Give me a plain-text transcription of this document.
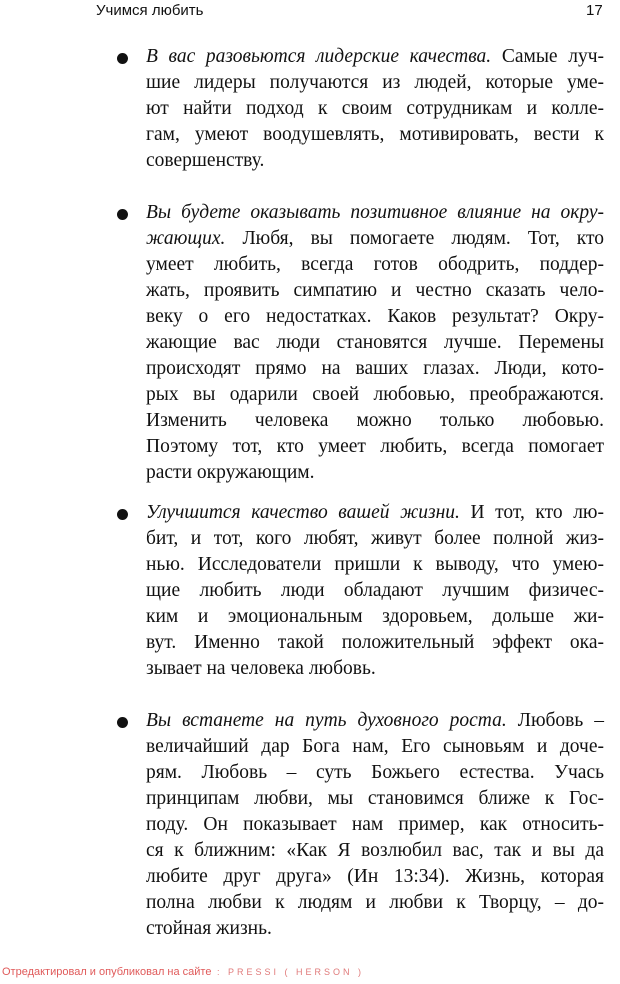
Учимся любить	17
В вас разовьются лидерские качества. Самые луч-
шие лидеры получаются из людей, которые уме-
ют найти подход к своим сотрудникам и колле-
гам, умеют воодушевлять, мотивировать, вести к
совершенству.
Вы будете оказывать позитивное влияние на окру-
жающих. Любя, вы помогаете людям. Тот, кто
умеет любить, всегда готов ободрить, поддер-
жать, проявить симпатию и честно сказать чело-
веку о его недостатках. Каков результат? Окру-
жающие вас люди становятся лучше. Перемены
происходят прямо на ваших глазах. Люди, кото-
рых вы одарили своей любовью, преображаются.
Изменить человека можно только любовью.
Поэтому тот, кто умеет любить, всегда помогает
расти окружающим.
Улучшится качество вашей жизни. И тот, кто лю-
бит, и тот, кого любят, живут более полной жиз-
нью. Исследователи пришли к выводу, что умею-
щие любить люди обладают лучшим физичес-
ким и эмоциональным здоровьем, дольше жи-
вут. Именно такой положительный эффект ока-
зывает на человека любовь.
Вы встанете на путь духовного роста. Любовь –
величайший дар Бога нам, Его сыновьям и доче-
рям. Любовь – суть Божьего естества. Учась
принципам любви, мы становимся ближе к Гос-
поду. Он показывает нам пример, как относить-
ся к ближним: «Как Я возлюбил вас, так и вы да
любите друг друга» (Ин 13:34). Жизнь, которая
полна любви к людям и любви к Творцу, – до-
стойная жизнь.
Отредактировал и опубликовал на сайте : PRESSI ( HERSON )
